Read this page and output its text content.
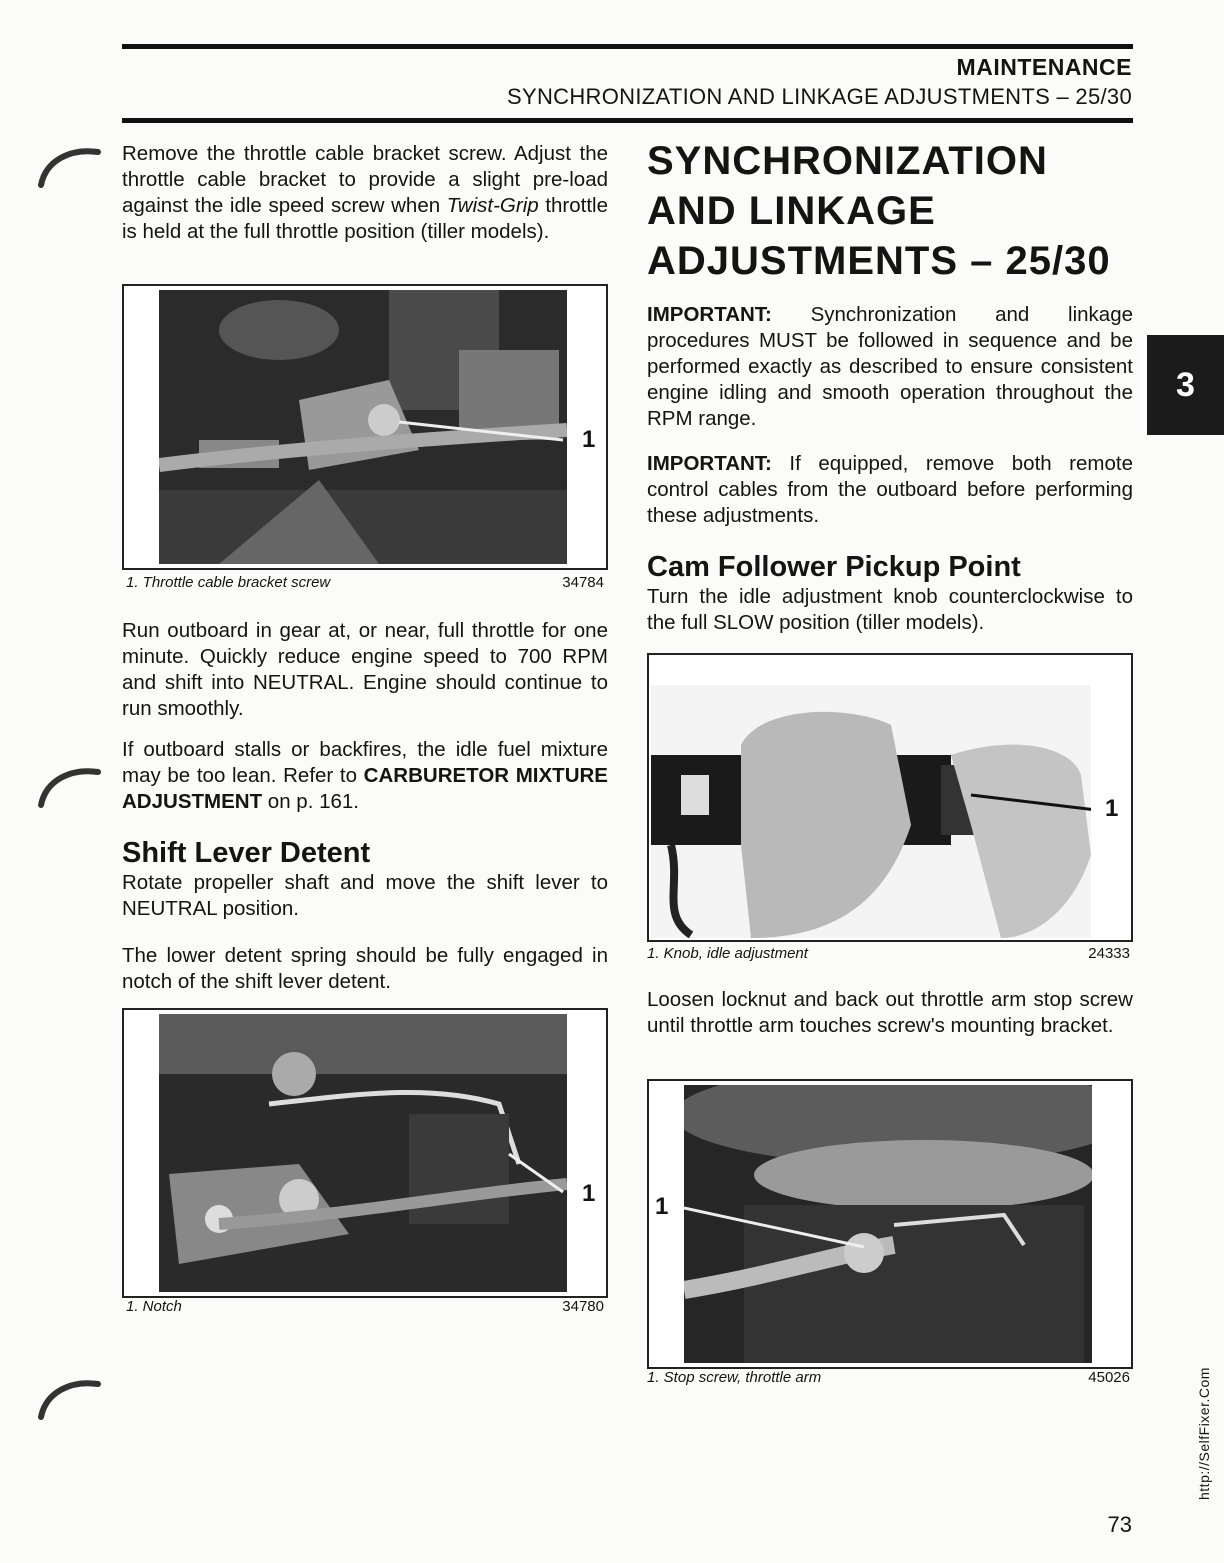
MAINTENANCE
SYNCHRONIZATION AND LINKAGE ADJUSTMENTS – 25/30
Remove the throttle cable bracket screw. Adjust the throttle cable bracket to provide a slight pre-load against the idle speed screw when Twist-Grip throttle is held at the full throttle position (tiller models).
1
1. Throttle cable bracket screw	34784
Run outboard in gear at, or near, full throttle for one minute. Quickly reduce engine speed to 700 RPM and shift into NEUTRAL. Engine should continue to run smoothly.
If outboard stalls or backfires, the idle fuel mixture may be too lean. Refer to CARBURETOR MIXTURE ADJUSTMENT on p. 161.
Shift Lever Detent

Rotate propeller shaft and move the shift lever to NEUTRAL position.

The lower detent spring should be fully engaged in notch of the shift lever detent.
1
1. Notch	34780
SYNCHRONIZATION
AND LINKAGE
ADJUSTMENTS – 25/30
IMPORTANT: Synchronization and linkage procedures MUST be followed in sequence and be performed exactly as described to ensure consistent engine idling and smooth operation throughout the RPM range.
IMPORTANT: If equipped, remove both remote control cables from the outboard before performing these adjustments.
Cam Follower Pickup Point

Turn the idle adjustment knob counterclockwise to the full SLOW position (tiller models).

1
1. Knob, idle adjustment	24333
Loosen locknut and back out throttle arm stop screw until throttle arm touches screw's mounting bracket.
1
1. Stop screw, throttle arm	45026
3
73
http://SelfFixer.Com
